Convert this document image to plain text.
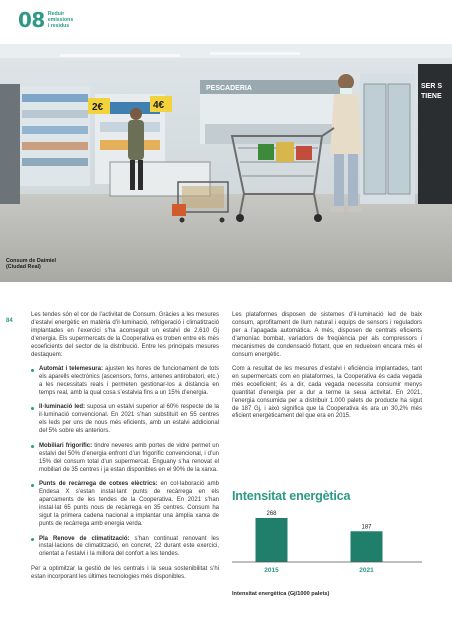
08 Reduir
emissions
i residus
2€	4€
PESCADERIA	SER S
TIENE
Consum de Daimiel
(Ciudad Real)
84

Les tendes són el cor de l’activitat de Consum. Gràcies a les mesures d’estalvi energètic en matèria d’il·luminació, refrigeració i climatització implantades en l’exercici s’ha aconseguit un estalvi de 2.610 Gj d’energia. Els supermercats de la Cooperativa es troben entre els més ecoeficients del sector de la distribució. Entre les principals mesures destaquem:

Automàt i telemesura: ajusten les hores de funcionament de tots els aparells electrònics (ascensors, forns, antenes antirobatori, etc.) a les necessitats reals i permeten gestionar-los a distància en temps real, amb la qual cosa s’estalvia fins a un 15% d’energia.
Il·luminació led: suposa un estalvi superior al 60% respecte de la il·luminació convencional. En 2021 s’han substituït en 55 centres els leds per uns de nous més eficients, amb un estalvi addicional del 5% sobre els anteriors.
Mobiliari frigorífic: tindre neveres amb portes de vidre permet un estalvi del 50% d’energia enfront d’un frigorífic convencional, i d’un 15% del consum total d’un supermercat. Enguany s’ha renovat el mobiliari de 35 centres i ja estan disponibles en el 90% de la xarxa.
Punts de recàrrega de cotxes elèctrics: en col·laboració amb Endesa X s’estan instal·lant punts de recàrrega en els aparcaments de les tendes de la Cooperativa. En 2021 s’han instal·lat 65 punts nous de recàrrega en 35 centres. Consum ha sigut la primera cadena nacional a implantar una àmplia xarxa de punts de recàrrega amb energia verda.
Pla Renove de climatització: s’han continuat renovant les instal·lacions de climatització, en concret, 22 durant este exercici, orientat a l’estalvi i la millora del confort a les tendes.

Per a optimitzar la gestió de les centrals i la seua sostenibilitat s’hi estan incorporant les últimes tecnologies més disponibles.

Les plataformes disposen de sistemes d’il·luminació led de baix consum, aprofitament de llum natural i equips de sensors i reguladors per a l’apagada automàtica. A més, disposen de centrals eficients d’amoníac bombat, variadors de freqüència per als compressors i mecanismes de condensació flotant, que en redueixen encara més el consum energètic.

Com a resultat de les mesures d’estalvi i eficiència implantades, tant en supermercats com en plataformes, la Cooperativa és cada vegada més ecoeficient; és a dir, cada vegada necessita consumir menys quantitat d’energia per a dur a terme la seua activitat. En 2021, l’energia consumida per a distribuir 1.000 palets de producte ha sigut de 187 Gj, i això significa que la Cooperativa és ara un 30,2% més eficient energèticament del que era en 2015.

Intensitat energètica
268
2015
187
2021
Intensitat energètica (Gj/1000 palets)
